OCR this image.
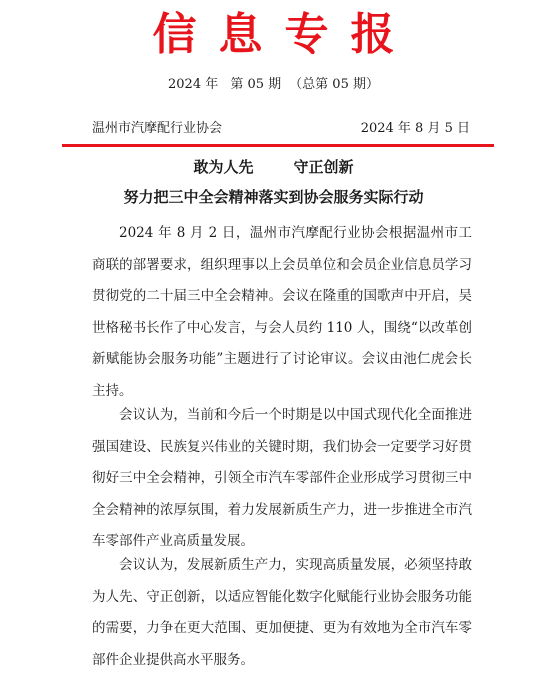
信息专报
2024 年 第 05 期 （总第 05 期）
温州市汽摩配行业协会	2024 年 8 月 5 日
敢为人先	守正创新
努力把三中全会精神落实到协会服务实际行动

2024 年 8 月 2 日，温州市汽摩配行业协会根据温州市工商联的部署要求，组织理事以上会员单位和会员企业信息员学习贯彻党的二十届三中全会精神。会议在隆重的国歌声中开启，吴世格秘书长作了中心发言，与会人员约 110 人，围绕“以改革创新赋能协会服务功能”主题进行了讨论审议。会议由池仁虎会长主持。

会议认为，当前和今后一个时期是以中国式现代化全面推进强国建设、民族复兴伟业的关键时期，我们协会一定要学习好贯彻好三中全会精神，引领全市汽车零部件企业形成学习贯彻三中全会精神的浓厚氛围，着力发展新质生产力，进一步推进全市汽车零部件产业高质量发展。

会议认为，发展新质生产力，实现高质量发展，必须坚持敢为人先、守正创新，以适应智能化数字化赋能行业协会服务功能的需要，力争在更大范围、更加便捷、更为有效地为全市汽车零部件企业提供高水平服务。
